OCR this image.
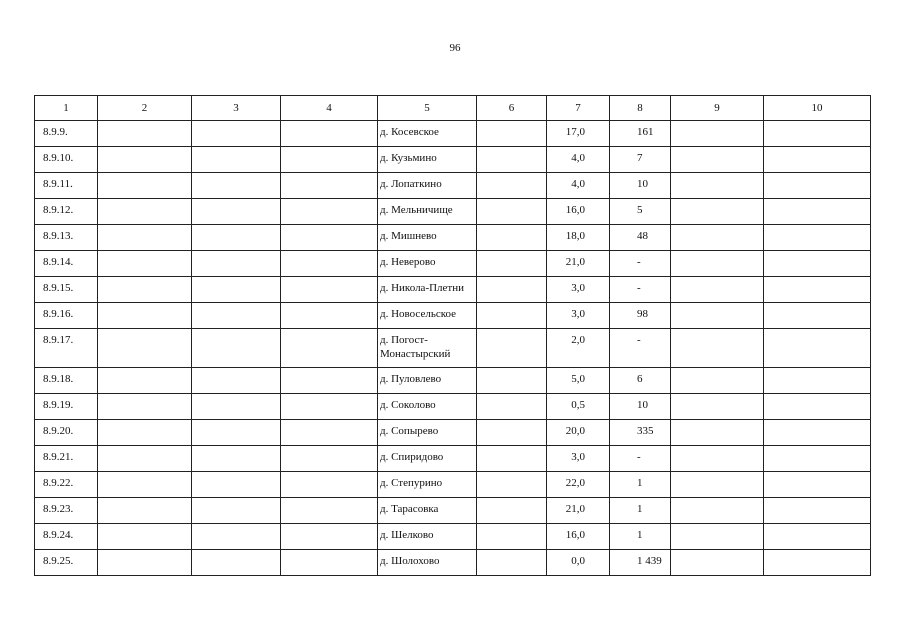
96
1	2	3	4	5	6	7	8	9	10
8.9.9.				д. Косевское		17,0	161		
8.9.10.				д. Кузьмино		4,0	7		
8.9.11.				д. Лопаткино		4,0	10		
8.9.12.				д. Мельничище		16,0	5		
8.9.13.				д. Мишнево		18,0	48		
8.9.14.				д. Неверово		21,0	-		
8.9.15.				д. Никола-Плетни		3,0	-		
8.9.16.				д. Новосельское		3,0	98		
8.9.17.				д. Погост-Монастырский		2,0	-		
8.9.18.				д. Пуловлево		5,0	6		
8.9.19.				д. Соколово		0,5	10		
8.9.20.				д. Сопырево		20,0	335		
8.9.21.				д. Спиридово		3,0	-		
8.9.22.				д. Степурино		22,0	1		
8.9.23.				д. Тарасовка		21,0	1		
8.9.24.				д. Шелково		16,0	1		
8.9.25.				д. Шолохово		0,0	1 439		
